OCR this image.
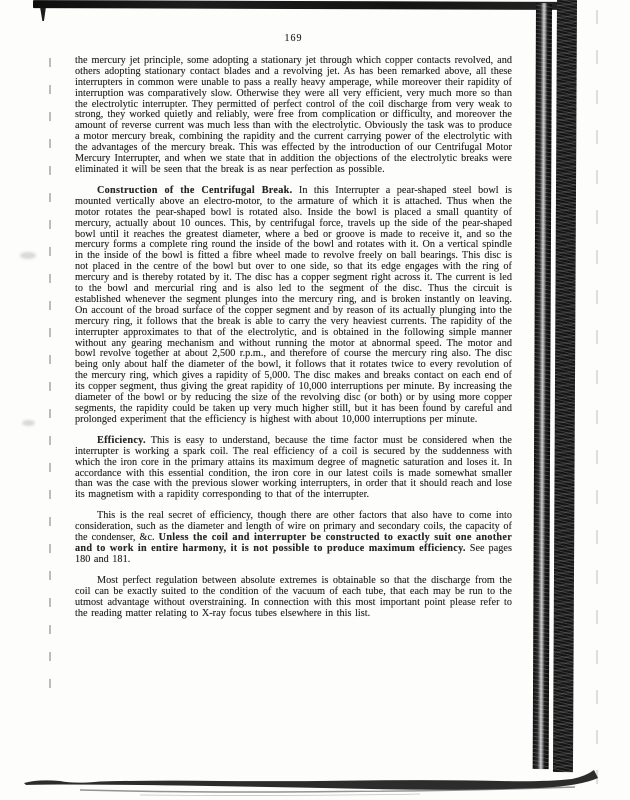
169

the mercury jet principle, some adopting a stationary jet through which copper contacts revolved, and others adopting stationary contact blades and a revolving jet. As has been remarked above, all these interrupters in common were unable to pass a really heavy amperage, while moreover their rapidity of interruption was comparatively slow. Otherwise they were all very efficient, very much more so than the electrolytic interrupter. They permitted of perfect control of the coil discharge from very weak to strong, they worked quietly and reliably, were free from complication or difficulty, and moreover the amount of reverse current was much less than with the electrolytic. Obviously the task was to produce a motor mercury break, combining the rapidity and the current carrying power of the electrolytic with the advantages of the mercury break. This was effected by the introduction of our Centrifugal Motor Mercury Interrupter, and when we state that in addition the objections of the electrolytic breaks were eliminated it will be seen that the break is as near perfection as possible.

Construction of the Centrifugal Break. In this Interrupter a pear-shaped steel bowl is mounted vertically above an electro-motor, to the armature of which it is attached. Thus when the motor rotates the pear-shaped bowl is rotated also. Inside the bowl is placed a small quantity of mercury, actually about 10 ounces. This, by centrifugal force, travels up the side of the pear-shaped bowl until it reaches the greatest diameter, where a bed or groove is made to receive it, and so the mercury forms a complete ring round the inside of the bowl and rotates with it. On a vertical spindle in the inside of the bowl is fitted a fibre wheel made to revolve freely on ball bearings. This disc is not placed in the centre of the bowl but over to one side, so that its edge engages with the ring of mercury and is thereby rotated by it. The disc has a copper segment right across it. The current is led to the bowl and mercurial ring and is also led to the segment of the disc. Thus the circuit is established whenever the segment plunges into the mercury ring, and is broken instantly on leaving. On account of the broad surface of the copper segment and by reason of its actually plunging into the mercury ring, it follows that the break is able to carry the very heaviest currents. The rapidity of the interrupter approximates to that of the electrolytic, and is obtained in the following simple manner without any gearing mechanism and without running the motor at abnormal speed. The motor and bowl revolve together at about 2,500 r.p.m., and therefore of course the mercury ring also. The disc being only about half the diameter of the bowl, it follows that it rotates twice to every revolution of the mercury ring, which gives a rapidity of 5,000. The disc makes and breaks contact on each end of its copper segment, thus giving the great rapidity of 10,000 interruptions per minute. By increasing the diameter of the bowl or by reducing the size of the revolving disc (or both) or by using more copper segments, the rapidity could be taken up very much higher still, but it has been found by careful and prolonged experiment that the efficiency is highest with about 10,000 interruptions per minute.

Efficiency. This is easy to understand, because the time factor must be considered when the interrupter is working a spark coil. The real efficiency of a coil is secured by the suddenness with which the iron core in the primary attains its maximum degree of magnetic saturation and loses it. In accordance with this essential condition, the iron core in our latest coils is made somewhat smaller than was the case with the previous slower working interrupters, in order that it should reach and lose its magnetism with a rapidity corresponding to that of the interrupter.

This is the real secret of efficiency, though there are other factors that also have to come into consideration, such as the diameter and length of wire on primary and secondary coils, the capacity of the condenser, &c. Unless the coil and interrupter be constructed to exactly suit one another and to work in entire harmony, it is not possible to produce maximum efficiency. See pages 180 and 181.

Most perfect regulation between absolute extremes is obtainable so that the discharge from the coil can be exactly suited to the condition of the vacuum of each tube, that each may be run to the utmost advantage without overstraining. In connection with this most important point please refer to the reading matter relating to X-ray focus tubes elsewhere in this list.
